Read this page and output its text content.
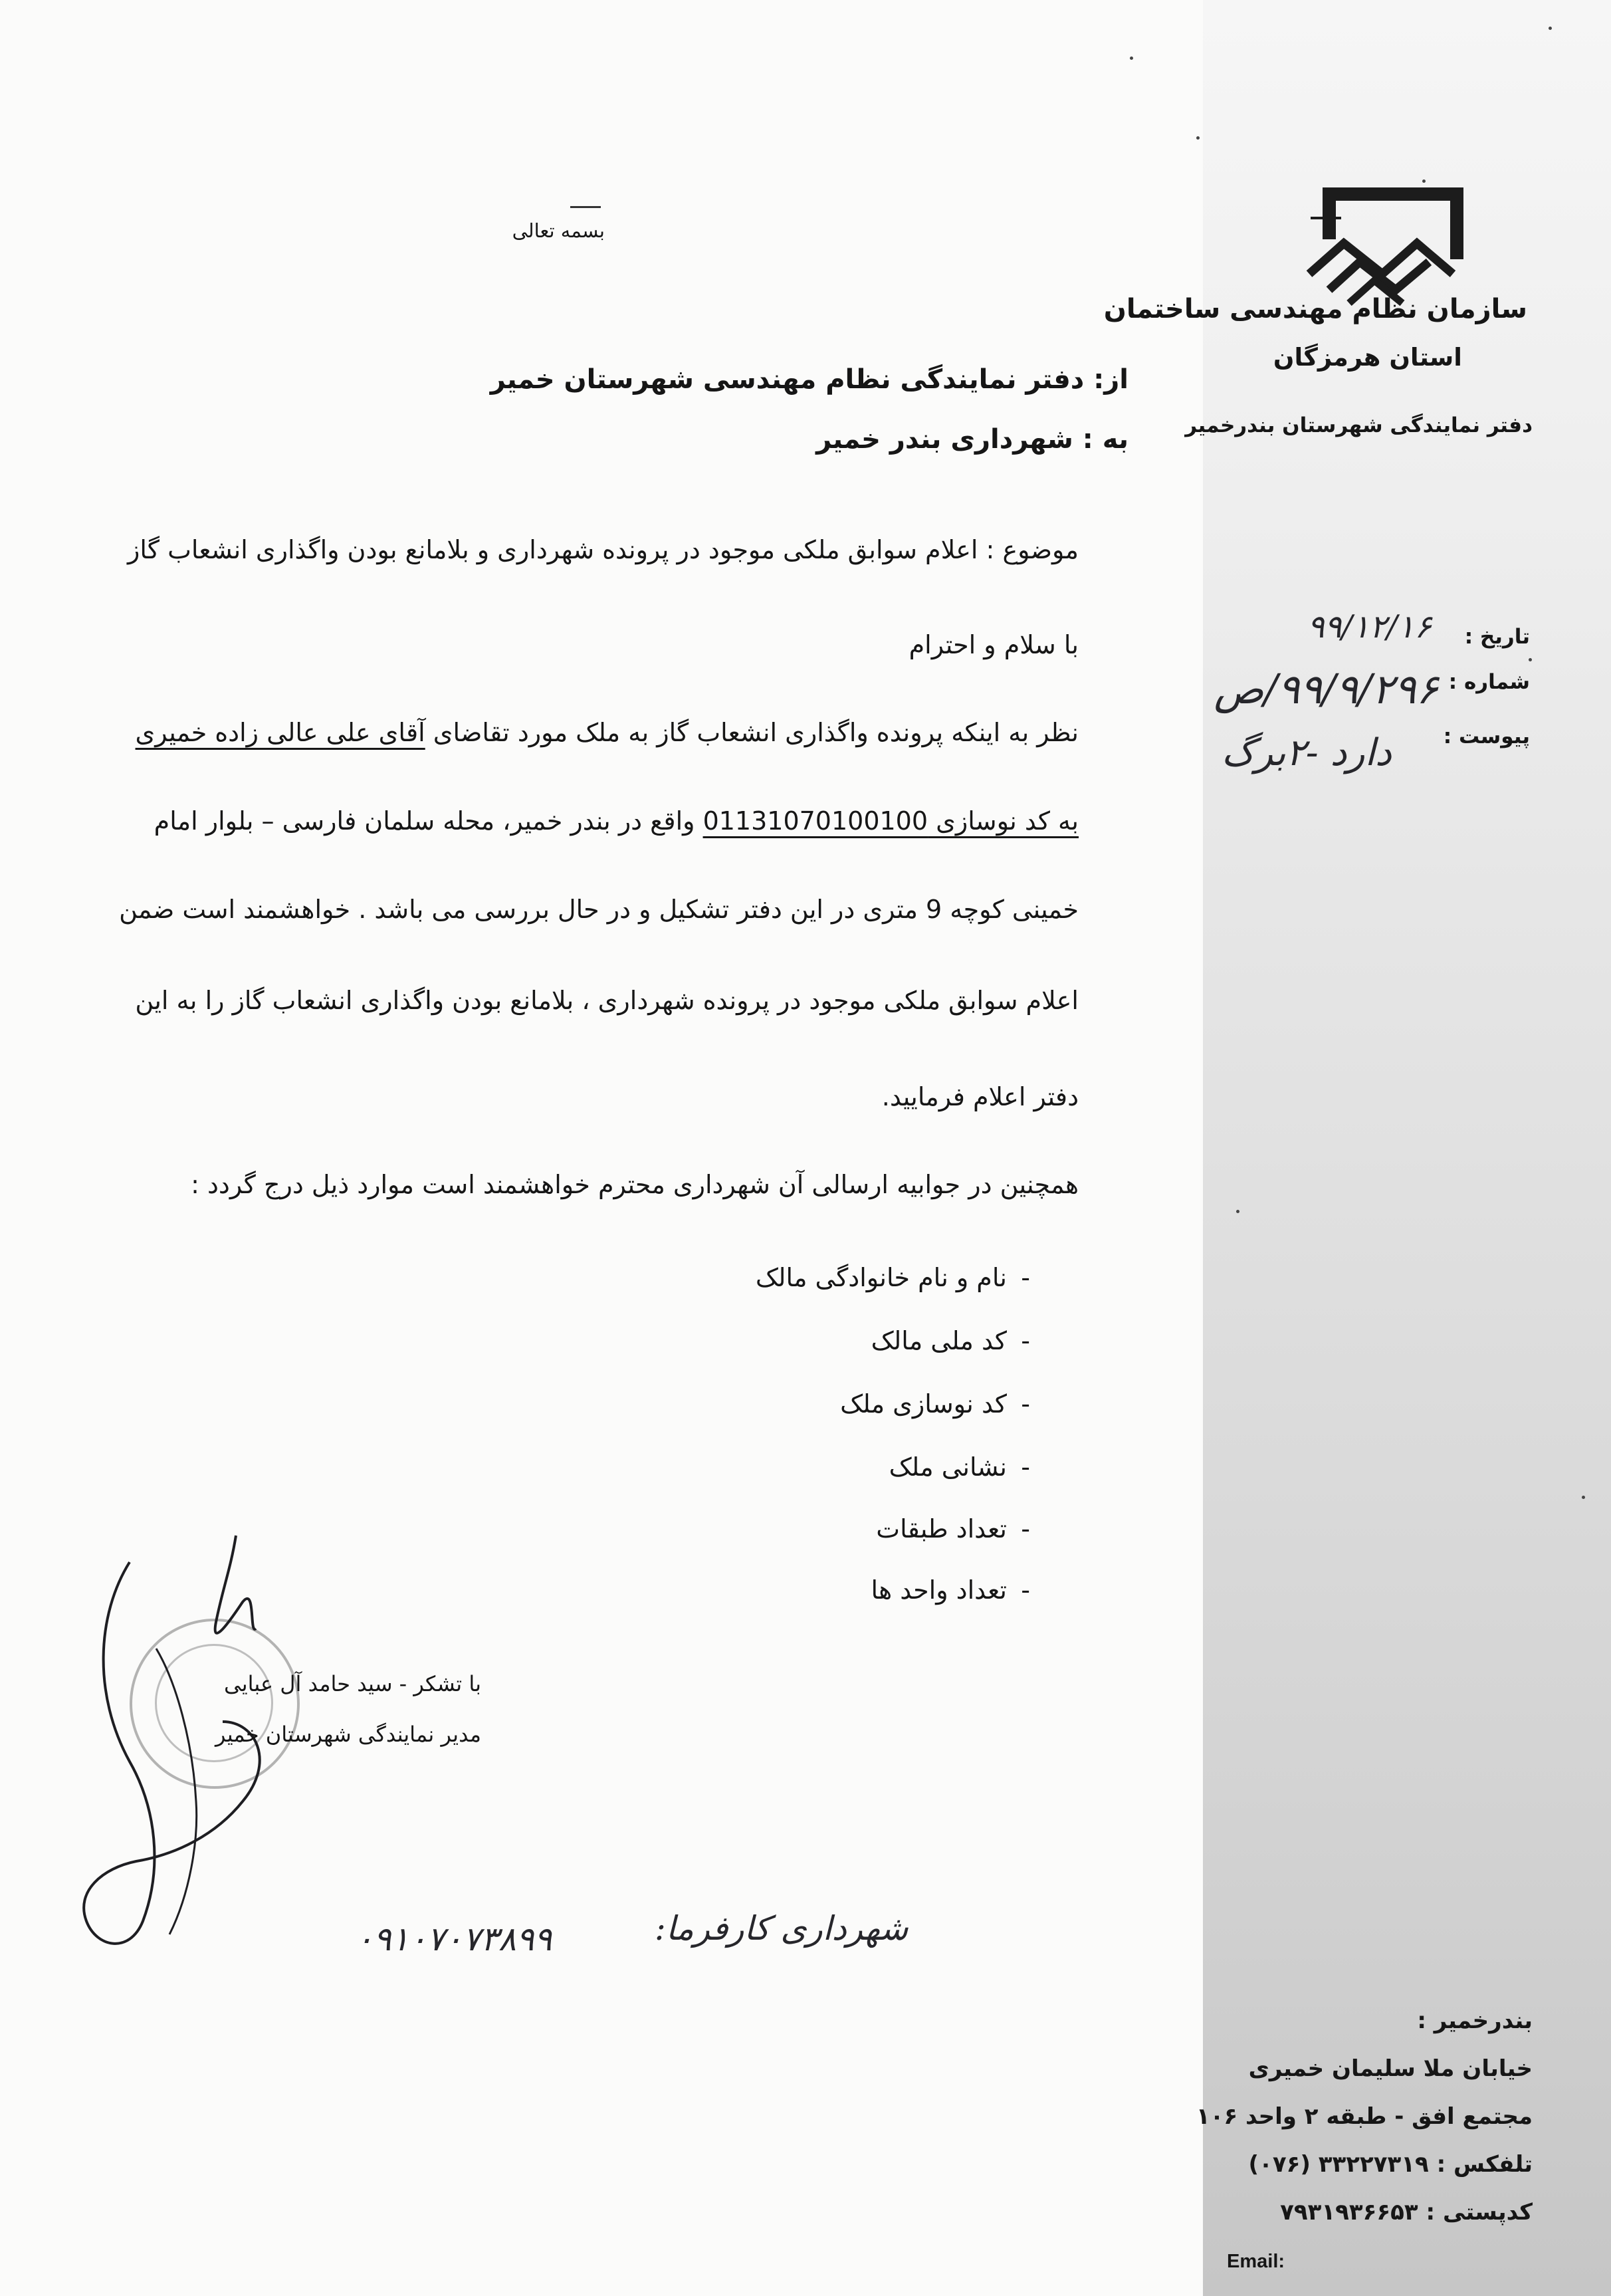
سازمان نظام مهندسی ساختمان
استان هرمزگان
دفتر نمایندگی شهرستان بندرخمیر
تاریخ :
۹۹/۱۲/۱۶
شماره :
۹۹/۹/۲۹۶/ص
پیوست :
دارد -۲برگ
بسمه تعالی
از: دفتر نمایندگی نظام مهندسی شهرستان خمیر
به : شهرداری بندر خمیر
موضوع : اعلام سوابق ملکی موجود در پرونده شهرداری و بلامانع بودن واگذاری انشعاب گاز
با سلام و احترام
نظر به اینکه پرونده واگذاری انشعاب گاز به ملک مورد تقاضای آقای علی عالی زاده خمیری
به کد نوسازی 01131070100100 واقع در بندر خمیر، محله سلمان فارسی – بلوار امام
خمینی کوچه 9 متری در این دفتر تشکیل و در حال بررسی می باشد . خواهشمند است ضمن
اعلام سوابق ملکی موجود در پرونده شهرداری ، بلامانع بودن واگذاری انشعاب گاز را به این
دفتر اعلام فرمایید.
همچنین در جوابیه ارسالی آن شهرداری محترم خواهشمند است موارد ذیل درج گردد :
-
نام و نام خانوادگی مالک
-
کد ملی مالک
-
کد نوسازی ملک
-
نشانی ملک
-
تعداد طبقات
-
تعداد واحد ها
با تشکر - سید حامد آل عبایی
مدیر نمایندگی شهرستان خمیر
۰۹۱۰۷۰۷۳۸۹۹	شهرداری کارفرما:
بندرخمیر :
خیابان ملا سلیمان خمیری
مجتمع افق - طبقه ۲ واحد ۱۰۶
تلفکس : ۳۳۲۲۷۳۱۹ (۰۷۶)
کدپستی : ۷۹۳۱۹۳۶۶۵۳
Email:
